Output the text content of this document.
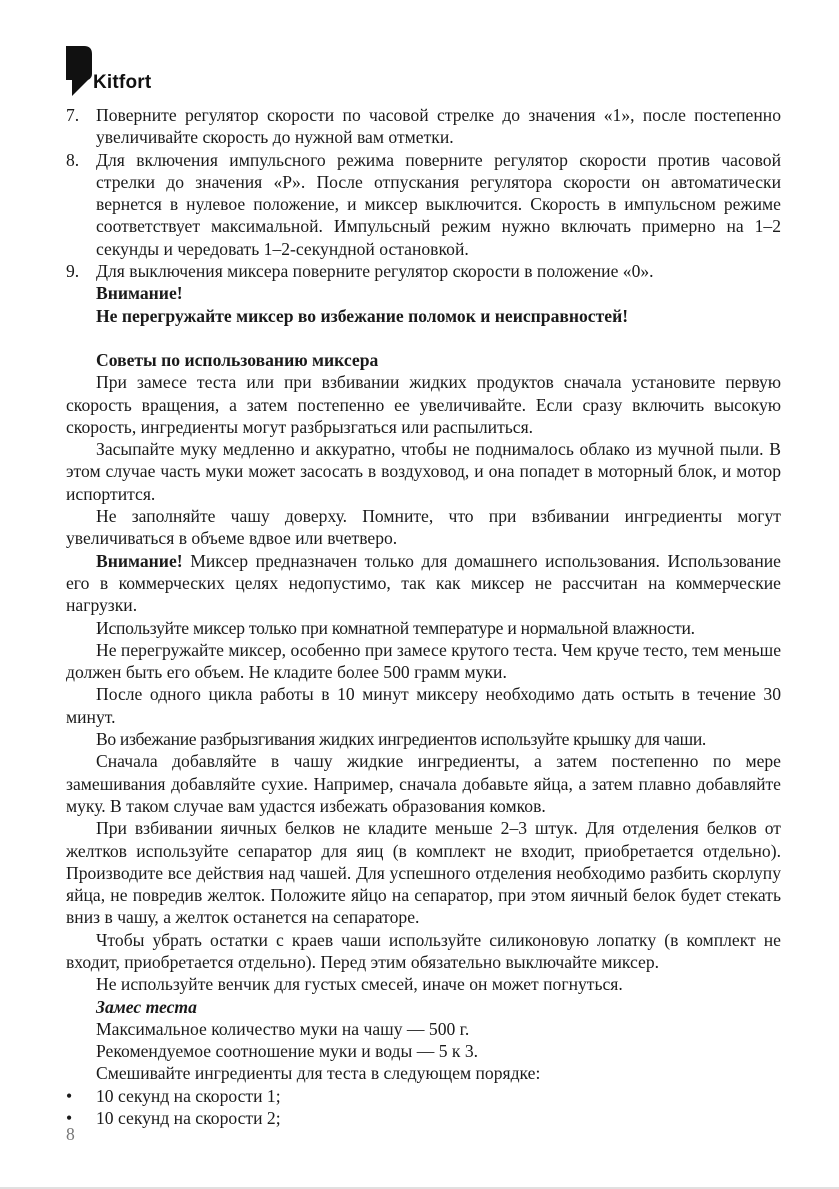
Kitfort
7. Поверните регулятор скорости по часовой стрелке до значения «1», после постепенно увеличивайте скорость до нужной вам отметки.
8. Для включения импульсного режима поверните регулятор скорости против часовой стрелки до значения «P». После отпускания регулятора скорости он автоматически вернется в нулевое положение, и миксер выключится. Скорость в импульсном режиме соответствует максимальной. Импульсный режим нужно включать примерно на 1–2 секунды и чередовать 1–2-секундной остановкой.
9. Для выключения миксера поверните регулятор скорости в положение «0».

Внимание!

Не перегружайте миксер во избежание поломок и неисправностей!

Советы по использованию миксера

При замесе теста или при взбивании жидких продуктов сначала установите первую скорость вращения, а затем постепенно ее увеличивайте. Если сразу включить высокую скорость, ингредиенты могут разбрызгаться или распылиться.

Засыпайте муку медленно и аккуратно, чтобы не поднималось облако из мучной пыли. В этом случае часть муки может засосать в воздуховод, и она попадет в моторный блок, и мотор испортится.

Не заполняйте чашу доверху. Помните, что при взбивании ингредиенты могут увеличиваться в объеме вдвое или вчетверо.

Внимание! Миксер предназначен только для домашнего использования. Использование его в коммерческих целях недопустимо, так как миксер не рассчитан на коммерческие нагрузки.

Используйте миксер только при комнатной температуре и нормальной влажности.

Не перегружайте миксер, особенно при замесе крутого теста. Чем круче тесто, тем меньше должен быть его объем. Не кладите более 500 грамм муки.

После одного цикла работы в 10 минут миксеру необходимо дать остыть в течение 30 минут.

Во избежание разбрызгивания жидких ингредиентов используйте крышку для чаши.

Сначала добавляйте в чашу жидкие ингредиенты, а затем постепенно по мере замешивания добавляйте сухие. Например, сначала добавьте яйца, а затем плавно добавляйте муку. В таком случае вам удастся избежать образования комков.

При взбивании яичных белков не кладите меньше 2–3 штук. Для отделения белков от желтков используйте сепаратор для яиц (в комплект не входит, приобретается отдельно). Производите все действия над чашей. Для успешного отделения необходимо разбить скорлупу яйца, не повредив желток. Положите яйцо на сепаратор, при этом яичный белок будет стекать вниз в чашу, а желток останется на сепараторе.

Чтобы убрать остатки с краев чаши используйте силиконовую лопатку (в комплект не входит, приобретается отдельно). Перед этим обязательно выключайте миксер.

Не используйте венчик для густых смесей, иначе он может погнуться.

Замес теста

Максимальное количество муки на чашу — 500 г.

Рекомендуемое соотношение муки и воды — 5 к 3.

Смешивайте ингредиенты для теста в следующем порядке:

• 10 секунд на скорости 1;
• 10 секунд на скорости 2;
8
